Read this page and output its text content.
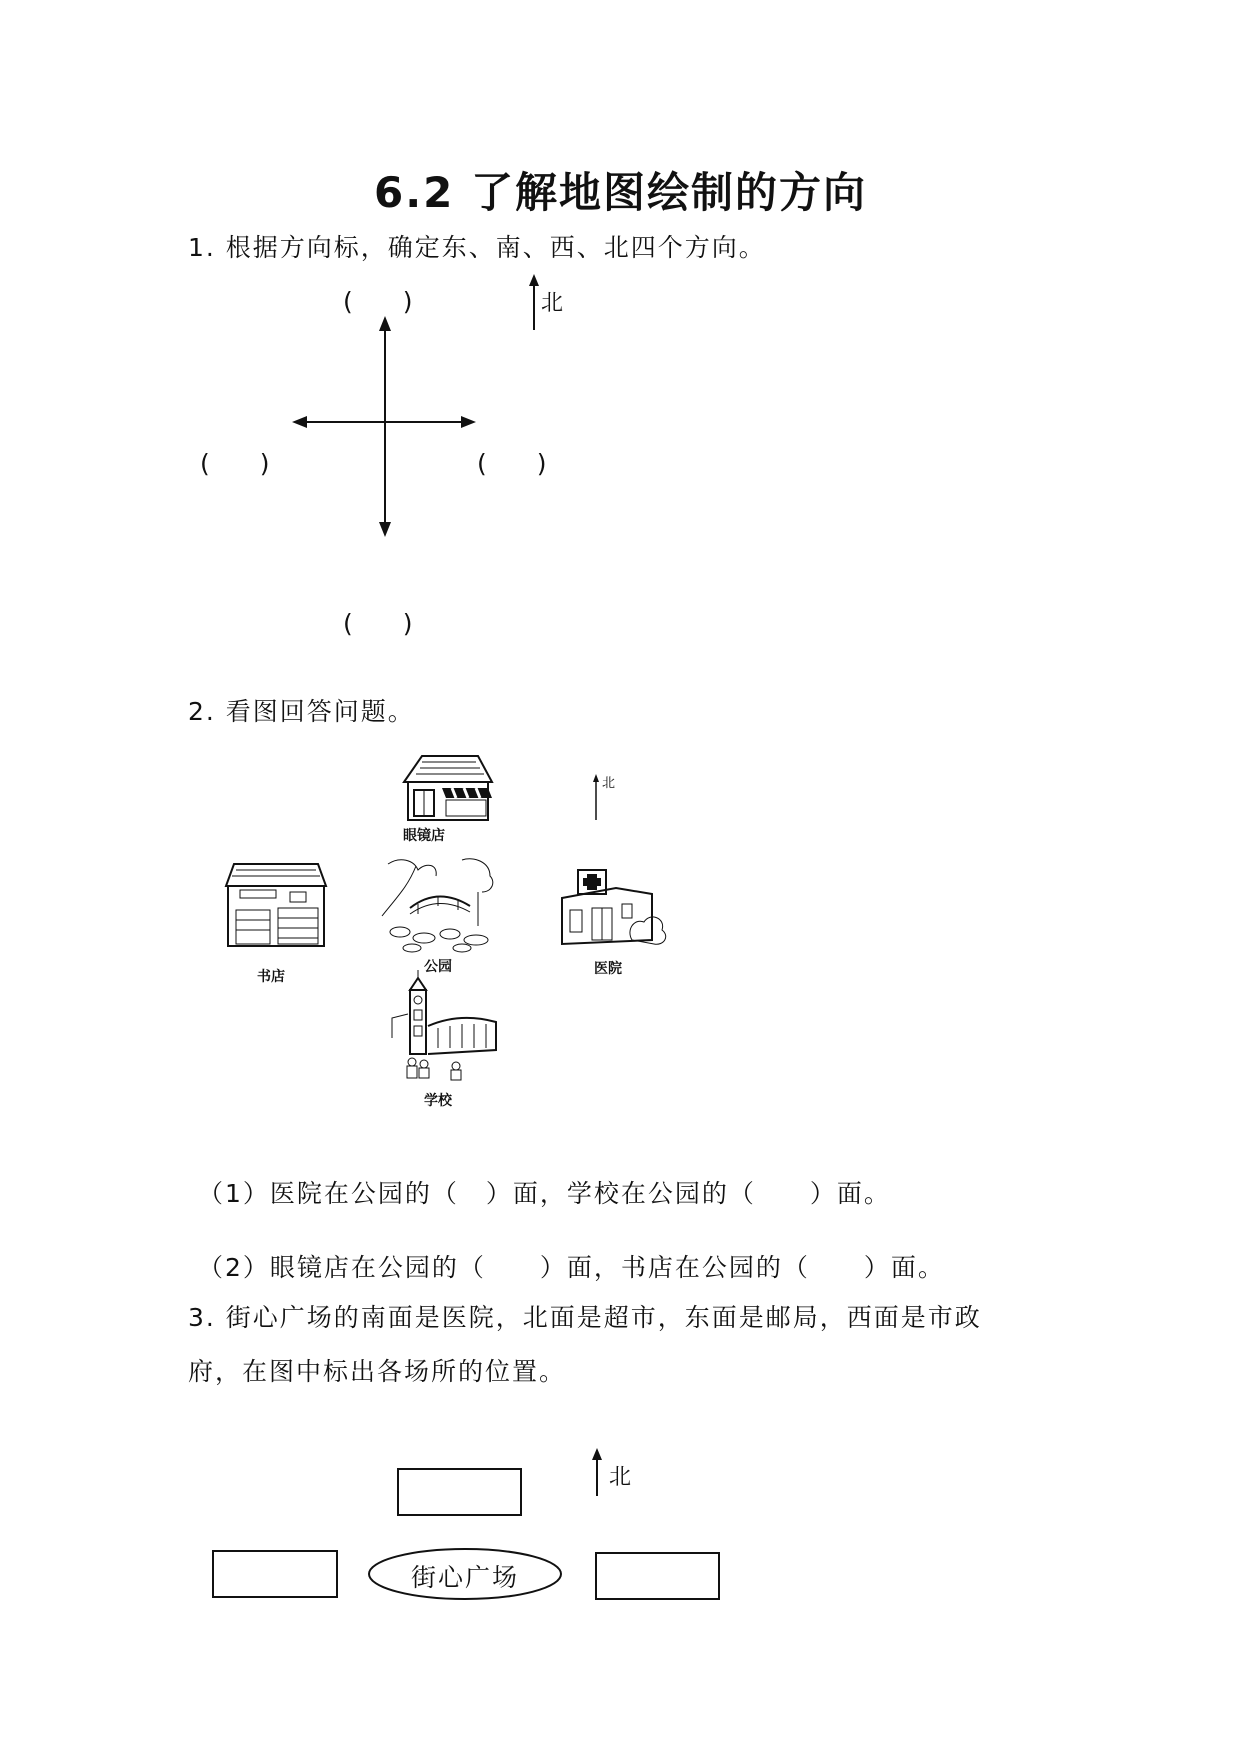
6.2 了解地图绘制的方向
1. 根据方向标，确定东、南、西、北四个方向。
北
(　　)
(　　)	(　　)
(　　)
2. 看图回答问题。
北
眼镜店
书店
公园	医院
学校
（1）医院在公园的（　）面，学校在公园的（　　）面。
（2）眼镜店在公园的（　　）面，书店在公园的（　　）面。
3. 街心广场的南面是医院，北面是超市，东面是邮局，西面是市政
府，在图中标出各场所的位置。
北
街心广场
